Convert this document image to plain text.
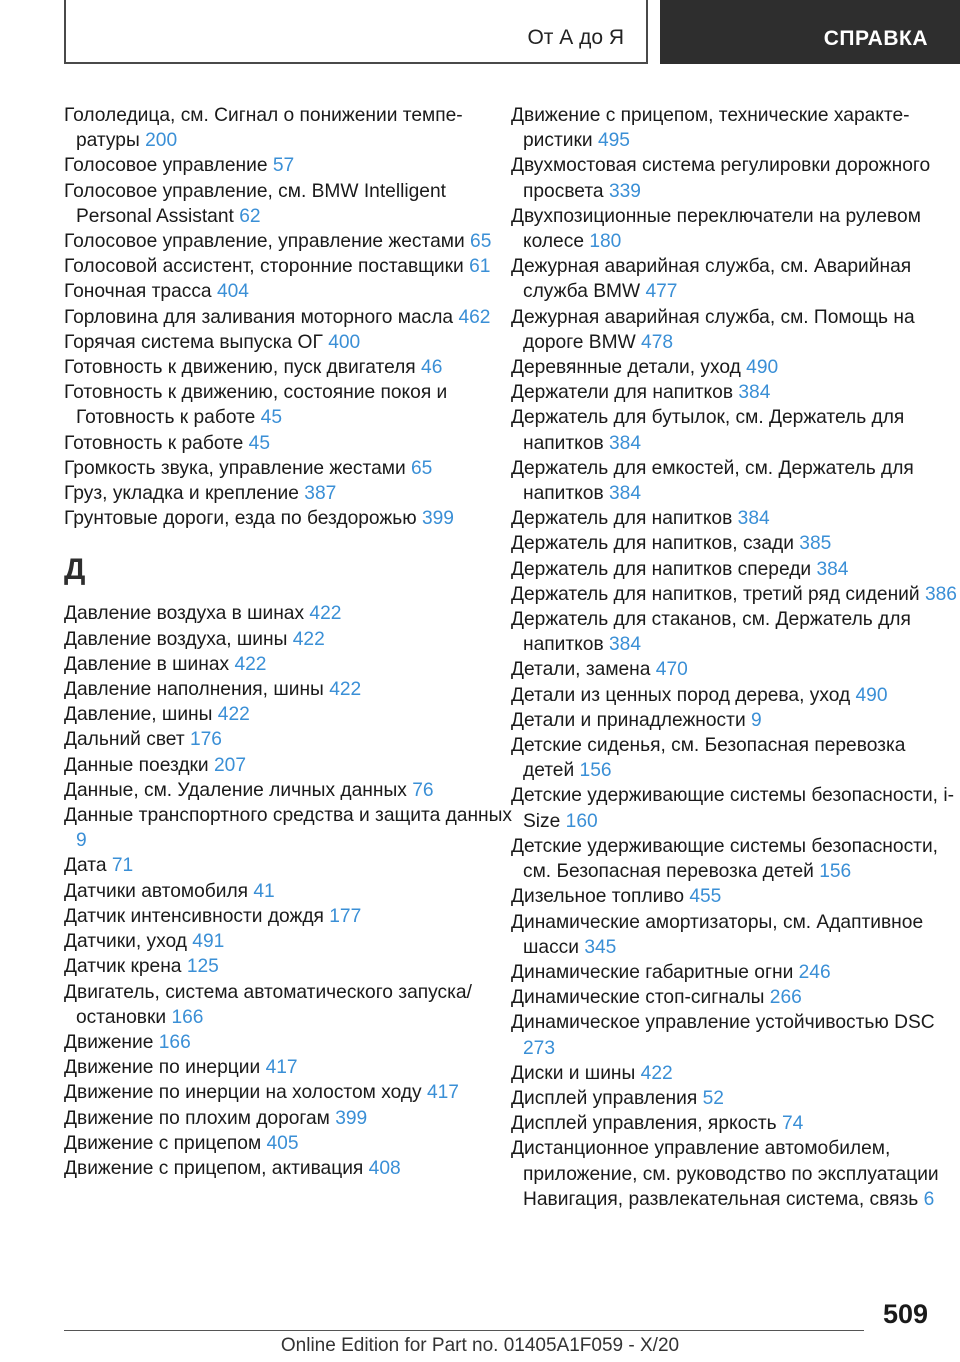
От А до Я	СПРАВКА
Гололедица, см. Сигнал о понижении температуры 200
Голосовое управление 57
Голосовое управление, см. BMW Intelligent Personal Assistant 62
Голосовое управление, управление жестами 65
Голосовой ассистент, сторонние поставщики 61
Гоночная трасса 404
Горловина для заливания моторного масла 462
Горячая система выпуска ОГ 400
Готовность к движению, пуск двигателя 46
Готовность к движению, состояние покоя и Готовность к работе 45
Готовность к работе 45
Громкость звука, управление жестами 65
Груз, укладка и крепление 387
Грунтовые дороги, езда по бездорожью 399
Д
Давление воздуха в шинах 422
Давление воздуха, шины 422
Давление в шинах 422
Давление наполнения, шины 422
Давление, шины 422
Дальний свет 176
Данные поездки 207
Данные, см. Удаление личных данных 76
Данные транспортного средства и защита данных 9
Дата 71
Датчики автомобиля 41
Датчик интенсивности дождя 177
Датчики, уход 491
Датчик крена 125
Двигатель, система автоматического запуска/остановки 166
Движение 166
Движение по инерции 417
Движение по инерции на холостом ходу 417
Движение по плохим дорогам 399
Движение с прицепом 405
Движение с прицепом, активация 408
Движение с прицепом, технические характеристики 495
Двухмостовая система регулировки дорожного просвета 339
Двухпозиционные переключатели на рулевом колесе 180
Дежурная аварийная служба, см. Аварийная служба BMW 477
Дежурная аварийная служба, см. Помощь на дороге BMW 478
Деревянные детали, уход 490
Держатели для напитков 384
Держатель для бутылок, см. Держатель для напитков 384
Держатель для емкостей, см. Держатель для напитков 384
Держатель для напитков 384
Держатель для напитков, сзади 385
Держатель для напитков спереди 384
Держатель для напитков, третий ряд сидений 386
Держатель для стаканов, см. Держатель для напитков 384
Детали, замена 470
Детали из ценных пород дерева, уход 490
Детали и принадлежности 9
Детские сиденья, см. Безопасная перевозка детей 156
Детские удерживающие системы безопасности, i-Size 160
Детские удерживающие системы безопасности, см. Безопасная перевозка детей 156
Дизельное топливо 455
Динамические амортизаторы, см. Адаптивное шасси 345
Динамические габаритные огни 246
Динамические стоп-сигналы 266
Динамическое управление устойчивостью DSC 273
Диски и шины 422
Дисплей управления 52
Дисплей управления, яркость 74
Дистанционное управление автомобилем, приложение, см. руководство по эксплуатации Навигация, развлекательная система, связь 6
509
Online Edition for Part no. 01405A1F059 - X/20
